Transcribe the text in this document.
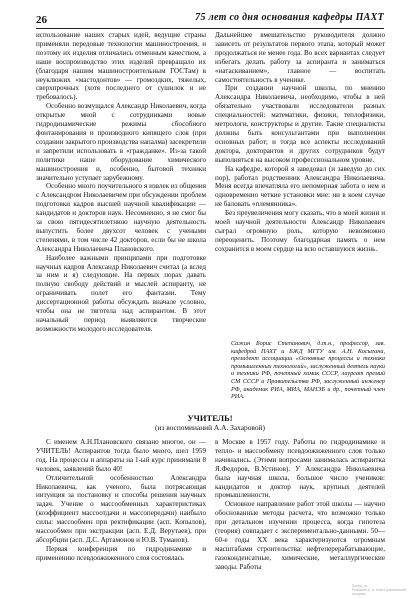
26	75 лет со дня основания кафедры ПАХТ

использование наших старых идей, ведущие страны применяли передовые технологии машиностроения, и поэтому их изделия отличались отменным качеством, а наше воспроизводство этих изделий превращало их (благодаря нашим машиностроительным ГОСТам) в неуклюжих «мастодонтов» — громоздких, тяжелых, сверхпрочных (хотя последнего от сушилок и не требовалось).

Особенно возмущался Александр Николаевич, когда открытые мной с сотрудниками новые гидродинамические режимы сбособного фонтанирования и производного кипящего слоя (при создании закрытого производства напалма) засекретили и запретили использовать в «гражданке». Из-за такой политики наше оборудование химического машиностроения и, особенно, бытовой техники значительно уступает зарубежному.

Особенно много поучительного я извлек из общения с Александром Николаевичем при обсуждении проблем подготовки кадров высшей научной квалификации — кандидатов и докторов наук. Несомненно, я не смог бы за свою пятидесятилетнюю научную деятельность выпустить более двухсот человек с учеными степенями, в том числе 42 докторов, если бы не школа Александра Николаевича Плановского.

Наиболее важными принципами при подготовке научных кадров Александр Николаевич считал (а вслед за ним и я) следующие. На первых порах давать полную свободу действий и мыслей аспиранту, не ограничивать полет его фантазии. Тему диссертационной работы обсуждать вначале условно, чтобы она не тяготела над аспирантом. В этот начальный период выявляются творческие возможности молодого исследователя.

Дальнейшее вмешательство руководителя должно зависеть от результатов первого этапа, который может продолжаться не менее года. Во всех вариантах следует избегать делать работу за аспиранта и заниматься «натаскиванием», главное — воспитать самостоятельность в ученике.

При создании научной школы, по мнению Александра Николаевича, необходимо, чтобы в ней обязательно участвовали исследователи разных специальностей: математики, физики, теплофизики, метрологи, конструкторы и другие. Такие специалисты должны быть консультантами при выполнении основных работ; и тогда все аспекты исследований доктора, докторантов и других сотрудников будут выполняться на высоком профессиональном уровне.

На кафедре, которой я заведовал (и заведую до сих пор), работал родственник Александра Николаевича. Меня всегда впечатляла его непомерная забота о нем и одновременно четкие установки мне: ни в коем случае не баловать «племянника».

Без преувеличения могу сказать, что в моей жизни и моей научной деятельности Александр Николаевич сыграл огромную роль, которую невозможно переоценить. Поэтому благодарная память о нем сохранится в моем сердце на всю оставшуюся жизнь.

Сажин Борис Степанович, д.т.н., профессор, зав. кафедрой ПАХТ и БЖД МГТУ им. А.Н. Косыгина, президент ассоциации «Основные процессы и техника промышленных технологий», заслуженный деятель науки и техники РФ, почетный химик СССР, лауреат премий СМ СССР и Правительства РФ, заслуженный инженер РФ, академик РИА, МИА, МАНЭБ и др., почетный член РИА.
УЧИТЕЛЬ!
(из воспоминаний А.А. Захаровой)

С именем А.Н.Плановского связано многое, он — УЧИТЕЛЬ! Аспирантов тогда было много, шел 1959 год. На процессы и аппараты на 1-ый курс принимали 8 человек, заявлений было 40!

Отличительной особенностью Александра Николаевича, как ученого, была потрясающая интуиция за постановку и способы решения научных задач. Учение о массообменных характеристиках (коэффициент массоотдачи и массопередачи) наибыло силы: массообмен при ректификации (асп. Копылов), массообмен при экстракции (асп. Е.Д. Верутаев), при абсорбции (асп. Д.С. Артамонов и Ю.В. Туманов).

Первая конференция по гидродинамике и применению псевдоожиженного слоя состоялась

в Москве в 1957 году. Работы по гидродинамике и тепло- и массообмену псевдоожиженного слоя только начинались. (Этими вопросами занималась аспирантка Я.Федоров, В.Устинов). У Александра Николаевича была научная школа, большое число учеников: кандидатов и доктор наук, крупных деятелей промышленности.

Основное направление работ этой школы — научно обоснованные методы расчета, что возможно только при детальном изучении процесса, когда гипотеза (теория) совпадает с экспериментально-данными. 50—60-е годы XX века характеризуются огромным масштабами строительства: нефтеперерабатывающие, газоконденсатные, химические, металлургические заводы. Работы

Scribd_ru
Рыбаков А. Б. Книга уникальной истории
